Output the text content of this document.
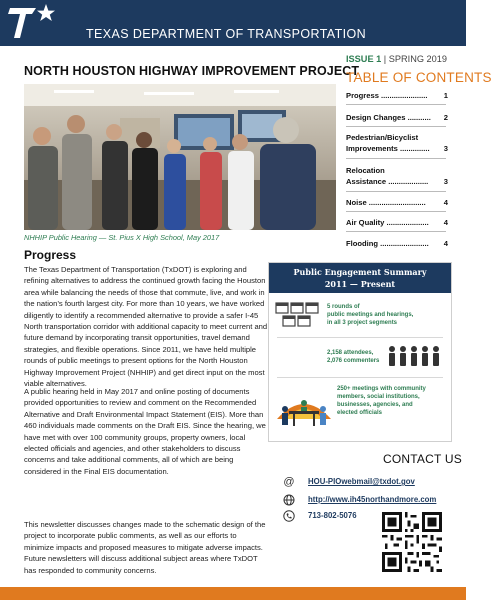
TEXAS DEPARTMENT OF TRANSPORTATION
NORTH HOUSTON HIGHWAY IMPROVEMENT PROJECT
NHHIP Public Hearing — St. Pius X High School, May 2017
Progress
The Texas Department of Transportation (TxDOT) is exploring and refining alternatives to address the continued growth facing the Houston area while balancing the needs of those that commute, live, and work in the nation’s fourth largest city. For more than 10 years, we have worked diligently to identify a recommended alternative to provide a safer I-45 North transportation corridor with additional capacity to meet current and future demand by incorporating transit opportunities, travel demand strategies, and flexible operations. Since 2011, we have held multiple rounds of public meetings to present options for the North Houston Highway Improvement Project (NHHIP) and get direct input on the most viable alternatives.
A public hearing held in May 2017 and online posting of documents provided opportunities to review and comment on the Recommended Alternative and Draft Environmental Impact Statement (EIS). More than 460 individuals made comments on the Draft EIS. Since the hearing, we have met with over 100 community groups, property owners, local elected officials and agencies, and other stakeholders to discuss concerns and take additional comments, all of which are being considered in the Final EIS documentation.
This newsletter discusses changes made to the schematic design of the project to incorporate public comments, as well as our efforts to minimize impacts and proposed measures to mitigate adverse impacts. Future newsletters will discuss additional subject areas where TxDOT has responded to community concerns.
ISSUE 1 | SPRING 2019
TABLE OF CONTENTS
Progress ...................... 1
Design Changes ........... 2
Pedestrian/Bicyclist
Improvements ..............	3
Relocation
Assistance ...................	3
Noise ........................... 4
Air Quality .................... 4
Flooding ....................... 4
Public Engagement Summary
2011 — Present
5 rounds of
public meetings and hearings,
in all 3 project segments
2,158 attendees,
2,076 commenters
250+ meetings with community
members, social institutions,
businesses, agencies, and
elected officials
CONTACT US
@ HOU-PIOwebmail@txdot.gov
http://www.ih45northandmore.com
713-802-5076
